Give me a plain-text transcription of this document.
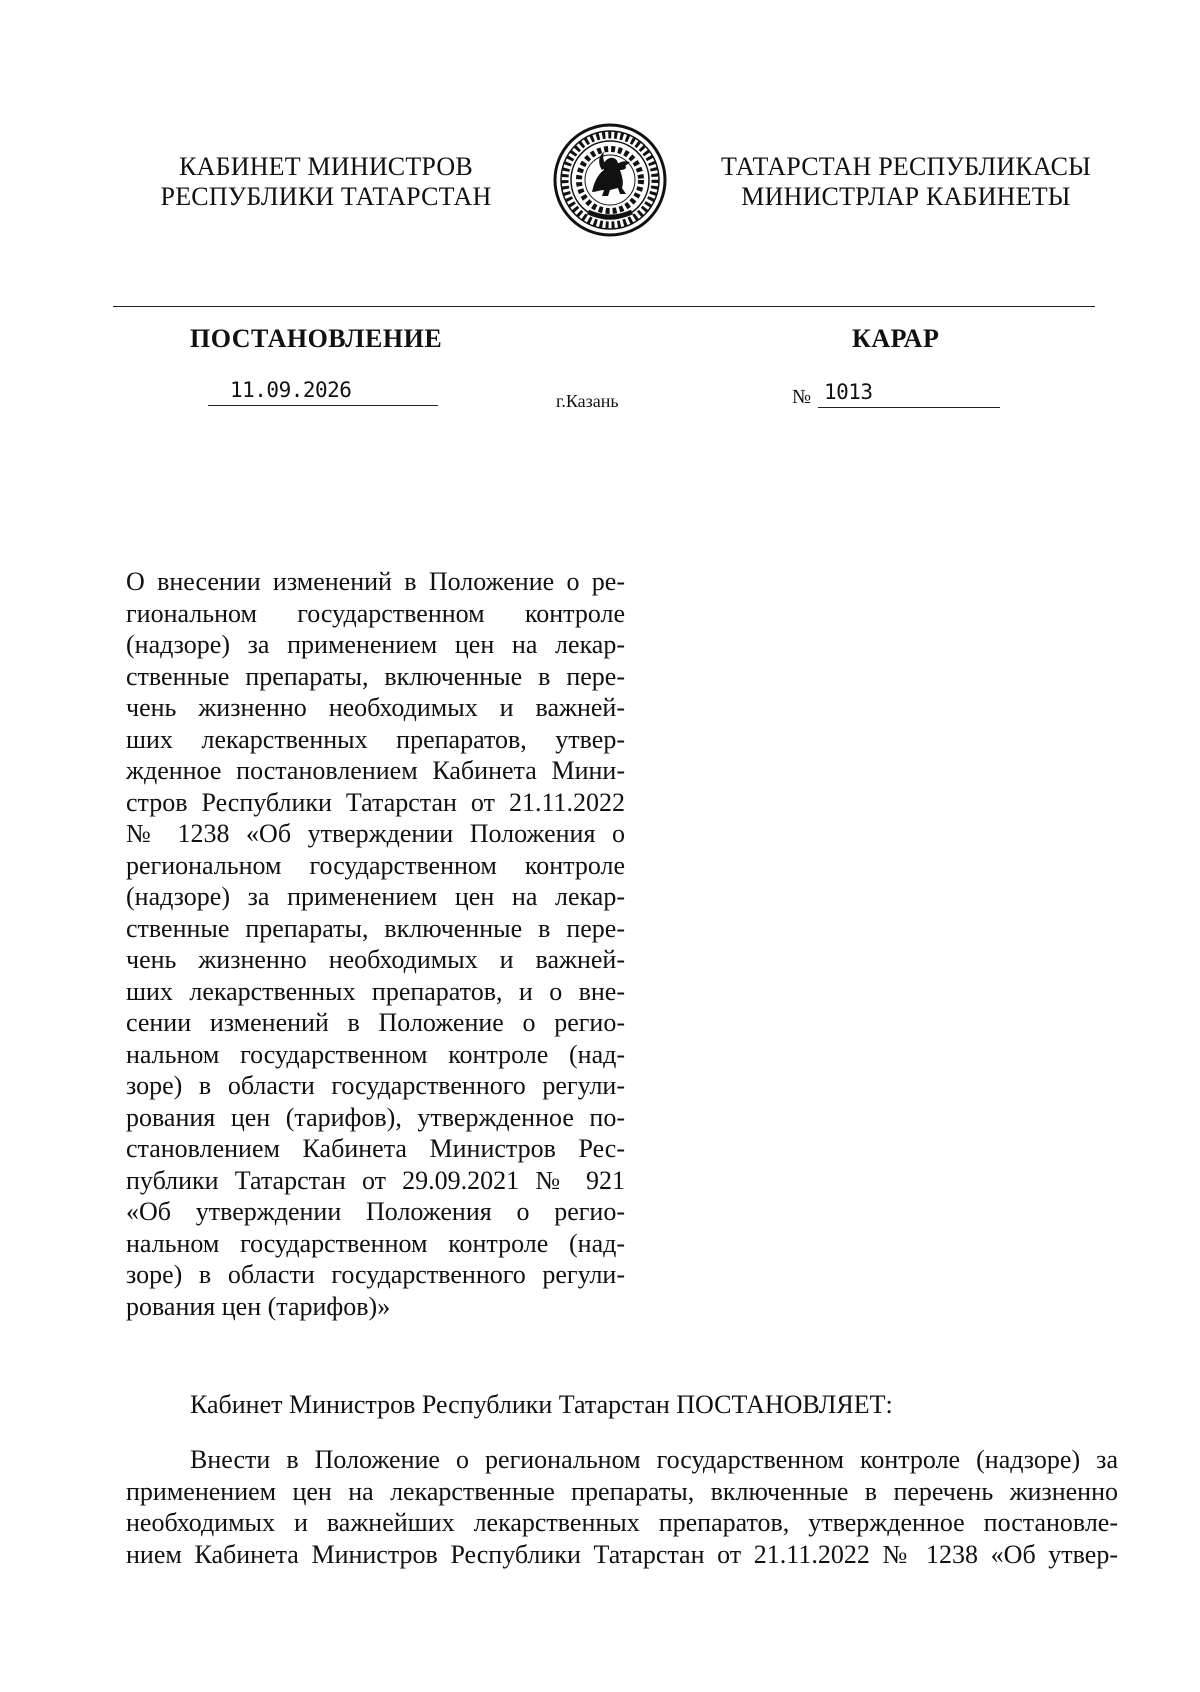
КАБИНЕТ МИНИСТРОВ
РЕСПУБЛИКИ ТАТАРСТАН
ТАТАРСТАН РЕСПУБЛИКАСЫ
МИНИСТРЛАР КАБИНЕТЫ
ПОСТАНОВЛЕНИЕ	КАРАР
11.09.2026	г.Казань	№ 1013
О внесении изменений в Положение о ре-
гиональном государственном контроле
(надзоре) за применением цен на лекар-
ственные препараты, включенные в пере-
чень жизненно необходимых и важней-
ших лекарственных препаратов, утвер-
жденное постановлением Кабинета Мини-
стров Республики Татарстан от 21.11.2022
№ 1238 «Об утверждении Положения о
региональном государственном контроле
(надзоре) за применением цен на лекар-
ственные препараты, включенные в пере-
чень жизненно необходимых и важней-
ших лекарственных препаратов, и о вне-
сении изменений в Положение о регио-
нальном государственном контроле (над-
зоре) в области государственного регули-
рования цен (тарифов), утвержденное по-
становлением Кабинета Министров Рес-
публики Татарстан от 29.09.2021 № 921
«Об утверждении Положения о регио-
нальном государственном контроле (над-
зоре) в области государственного регули-
рования цен (тарифов)»
Кабинет Министров Республики Татарстан ПОСТАНОВЛЯЕТ:
Внести в Положение о региональном государственном контроле (надзоре) за
применением цен на лекарственные препараты, включенные в перечень жизненно
необходимых и важнейших лекарственных препаратов, утвержденное постановле-
нием Кабинета Министров Республики Татарстан от 21.11.2022 № 1238 «Об утвер-
